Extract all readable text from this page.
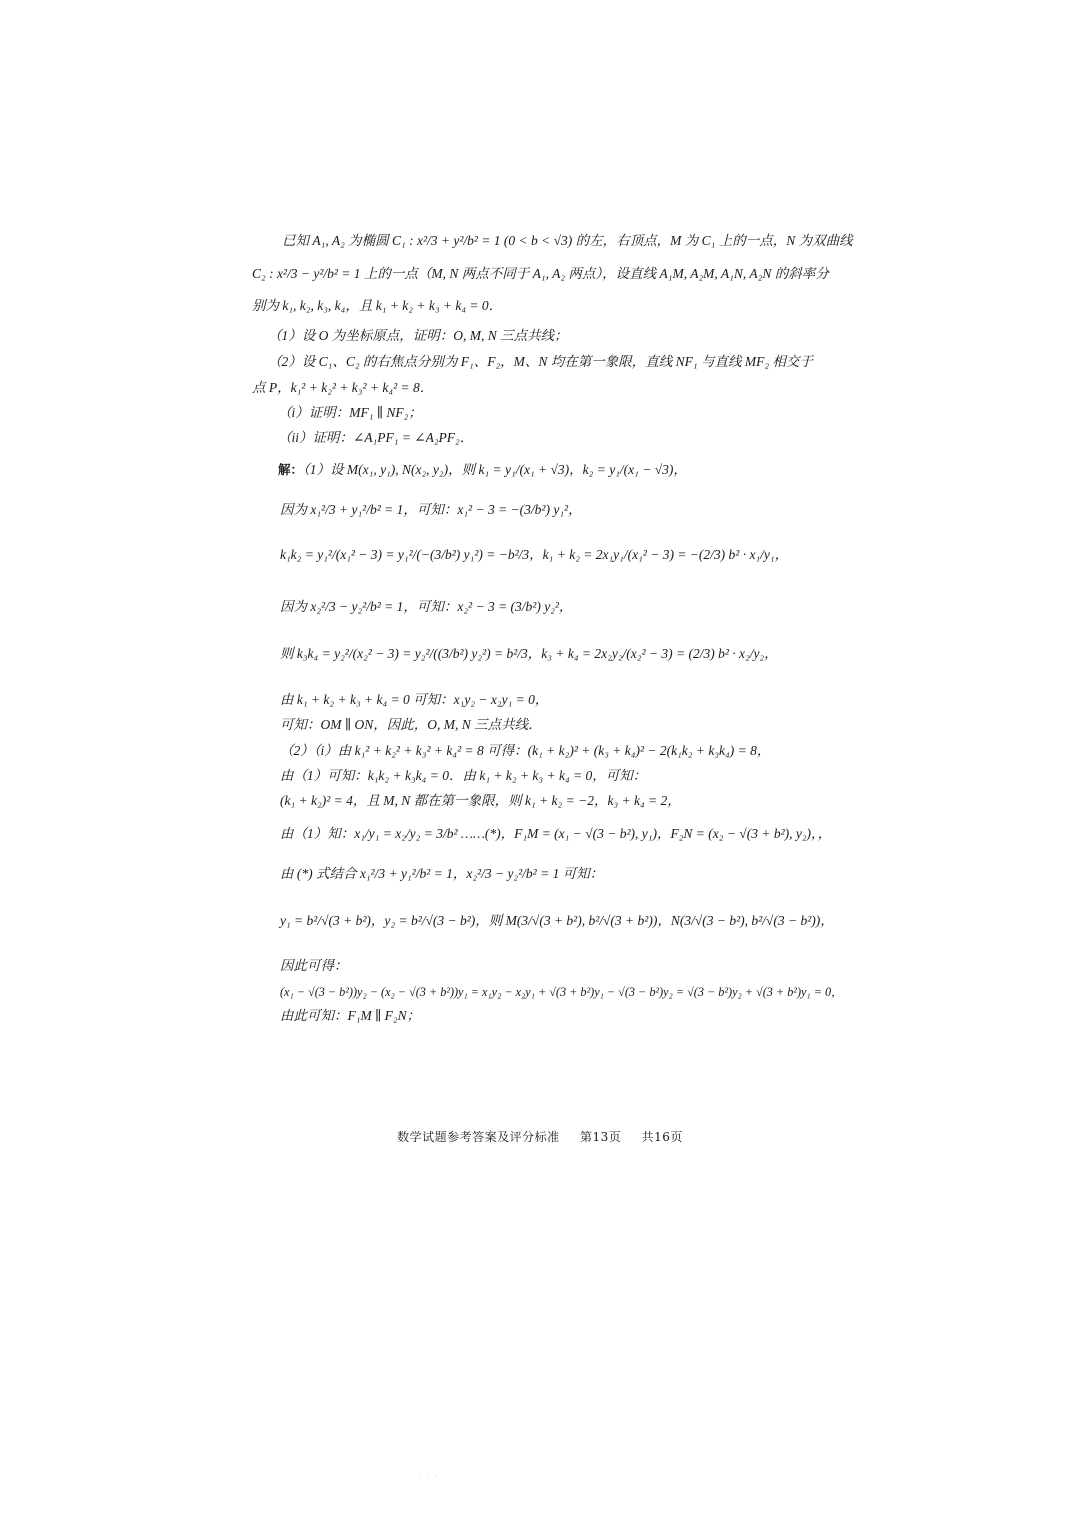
已知 A₁, A₂ 为椭圆 C₁ : x²/3 + y²/b² = 1 (0 < b < √3) 的左，右顶点，M 为 C₁ 上的一点，N 为双曲线
C₂ : x²/3 − y²/b² = 1 上的一点（M, N 两点不同于 A₁, A₂ 两点），设直线 A₁M, A₂M, A₁N, A₂N 的斜率分
别为 k₁, k₂, k₃, k₄，且 k₁ + k₂ + k₃ + k₄ = 0．
（1）设 O 为坐标原点，证明：O, M, N 三点共线；
（2）设 C₁、C₂ 的右焦点分别为 F₁、F₂，M、N 均在第一象限，直线 NF₁ 与直线 MF₂ 相交于
点 P，k₁² + k₂² + k₃² + k₄² = 8．
（i）证明：MF₁ ∥ NF₂；
（ii）证明：∠A₁PF₁ = ∠A₂PF₂．
解：（1）设 M(x₁, y₁), N(x₂, y₂)，则 k₁ = y₁/(x₁ + √3)，k₂ = y₁/(x₁ − √3)，
因为 x₁²/3 + y₁²/b² = 1，可知：x₁² − 3 = −(3/b²) y₁²，
k₁k₂ = y₁²/(x₁² − 3) = y₁²/(−(3/b²) y₁²) = −b²/3，k₁ + k₂ = 2x₁y₁/(x₁² − 3) = −(2/3) b² · x₁/y₁，
因为 x₂²/3 − y₂²/b² = 1，可知：x₂² − 3 = (3/b²) y₂²，
则 k₃k₄ = y₂²/(x₂² − 3) = y₂²/((3/b²) y₂²) = b²/3，k₃ + k₄ = 2x₂y₂/(x₂² − 3) = (2/3) b² · x₂/y₂，
由 k₁ + k₂ + k₃ + k₄ = 0 可知：x₁y₂ − x₂y₁ = 0，
可知：OM ∥ ON，因此，O, M, N 三点共线．
（2）（i）由 k₁² + k₂² + k₃² + k₄² = 8 可得：(k₁ + k₂)² + (k₃ + k₄)² − 2(k₁k₂ + k₃k₄) = 8，
由（1）可知：k₁k₂ + k₃k₄ = 0．由 k₁ + k₂ + k₃ + k₄ = 0，可知：
(k₁ + k₂)² = 4，且 M, N 都在第一象限，则 k₁ + k₂ = −2，k₃ + k₄ = 2，
由（1）知：x₁/y₁ = x₂/y₂ = 3/b² ……(*)，F₁M = (x₁ − √(3 − b²), y₁)，F₂N = (x₂ − √(3 + b²), y₂)，，
由 (*) 式结合 x₁²/3 + y₁²/b² = 1，x₂²/3 − y₂²/b² = 1 可知：
y₁ = b²/√(3 + b²)，y₂ = b²/√(3 − b²)，则 M(3/√(3 + b²), b²/√(3 + b²))，N(3/√(3 − b²), b²/√(3 − b²))，
因此可得：
(x₁ − √(3 − b²))y₂ − (x₂ − √(3 + b²))y₁ = x₁y₂ − x₂y₁ + √(3 + b²)y₁ − √(3 − b²)y₂ = √(3 − b²)y₂ + √(3 + b²)y₁ = 0，
由此可知：F₁M ∥ F₂N；
数学试题参考答案及评分标准 第13页 共16页
· · ·
